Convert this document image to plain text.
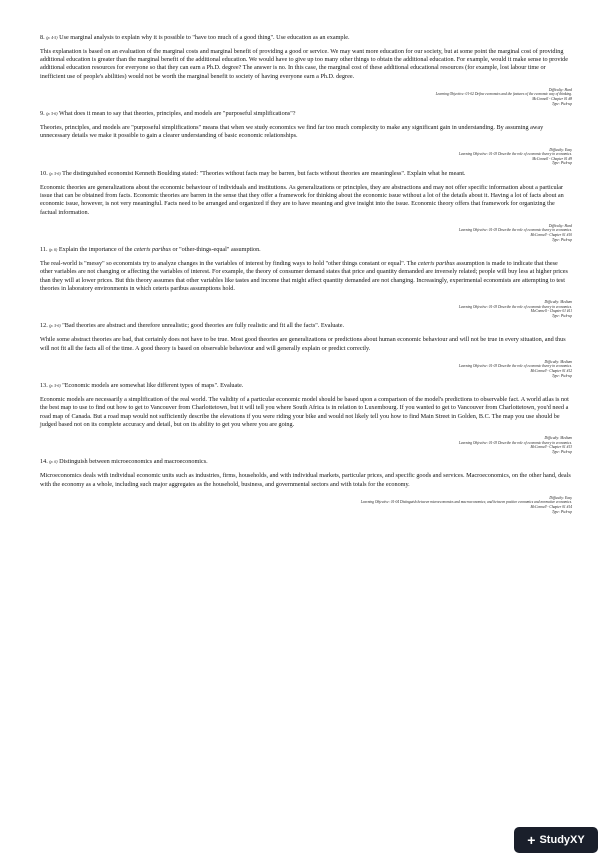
8. (p. 4-5) Use marginal analysis to explain why it is possible to "have too much of a good thing". Use education as an example.

This explanation is based on an evaluation of the marginal costs and marginal benefit of providing a good or service. We may want more education for our society, but at some point the marginal cost of providing additional education is greater than the marginal benefit of the additional education. We would have to give up too many other things to obtain the additional education. For example, would it make sense to provide additional education resources for everyone so that they can earn a Ph.D. degree? The answer is no. In this case, the marginal cost of these additional educational resources (for example, lost labour time or inefficient use of people's abilities) would not be worth the marginal benefit to society of having everyone earn a Ph.D. degree.

Difficulty: Hard
Learning Objective: 01-02 Define economics and the features of the economic way of thinking.
McConnell - Chapter 01 #8
Type: Pick-up

9. (p. 5-6) What does it mean to say that theories, principles, and models are "purposeful simplifications"?

Theories, principles, and models are "purposeful simplifications" means that when we study economics we find far too much complexity to make any significant gain in understanding. By assuming away unnecessary details we make it possible to gain a clearer understanding of basic economic relationships.

Difficulty: Easy
Learning Objective: 01-03 Describe the role of economic theory in economics.
McConnell - Chapter 01 #9
Type: Pick-up

10. (p. 5-6) The distinguished economist Kenneth Boulding stated: "Theories without facts may be barren, but facts without theories are meaningless". Explain what he meant.

Economic theories are generalizations about the economic behaviour of individuals and institutions. As generalizations or principles, they are abstractions and may not offer specific information about a particular issue that can be obtained from facts. Economic theories are barren in the sense that they offer a framework for thinking about the economic issue without a lot of the details about it. Having a lot of facts about an economic issue, however, is not very meaningful. Facts need to be arranged and organized if they are to have meaning and give insight into the issue. Economic theory offers that framework for organizing the factual information.

Difficulty: Hard
Learning Objective: 01-03 Describe the role of economic theory in economics.
McConnell - Chapter 01 #10
Type: Pick-up

11. (p. 6) Explain the importance of the ceteris paribus or "other-things-equal" assumption.

The real-world is "messy" so economists try to analyze changes in the variables of interest by finding ways to hold "other things constant or equal". The ceteris paribus assumption is made to indicate that these other variables are not changing or affecting the variables of interest. For example, the theory of consumer demand states that price and quantity demanded are inversely related; people will buy less at higher prices than they will at lower prices. But this theory assumes that other variables like tastes and income that might affect quantity demanded are not changing. Increasingly, experimental economists are attempting to test theories in laboratory environments in which ceteris paribus assumptions hold.

Difficulty: Medium
Learning Objective: 01-03 Describe the role of economic theory in economics.
McConnell - Chapter 01 #11
Type: Pick-up

12. (p. 5-6) "Bad theories are abstract and therefore unrealistic; good theories are fully realistic and fit all the facts". Evaluate.

While some abstract theories are bad, that certainly does not have to be true. Most good theories are generalizations or predictions about human economic behaviour and will not be true in every situation, and thus will not fit all the facts all of the time. A good theory is based on observable behaviour and will generally explain or predict correctly.

Difficulty: Medium
Learning Objective: 01-03 Describe the role of economic theory in economics.
McConnell - Chapter 01 #12
Type: Pick-up

13. (p. 5-6) "Economic models are somewhat like different types of maps". Evaluate.

Economic models are necessarily a simplification of the real world. The validity of a particular economic model should be based upon a comparison of the model's predictions to observable fact. A world atlas is not the best map to use to find out how to get to Vancouver from Charlottetown, but it will tell you where South Africa is in relation to Luxembourg. If you wanted to get to Vancouver from Charlottetown, you'd need a road map of Canada. But a road map would not sufficiently describe the elevations if you were riding your bike and would not likely tell you how to find Main Street in Golden, B.C. The map you use should be judged based not on its complete accuracy and detail, but on its ability to get you where you are going.

Difficulty: Medium
Learning Objective: 01-03 Describe the role of economic theory in economics.
McConnell - Chapter 01 #13
Type: Pick-up

14. (p. 6) Distinguish between microeconomics and macroeconomics.

Microeconomics deals with individual economic units such as industries, firms, households, and with individual markets, particular prices, and specific goods and services. Macroeconomics, on the other hand, deals with the economy as a whole, including such major aggregates as the household, business, and governmental sectors and with totals for the economy.

Difficulty: Easy
Learning Objective: 01-04 Distinguish between microeconomics and macroeconomics; and between positive economics and normative economics.
McConnell - Chapter 01 #14
Type: Pick-up
+ StudyXY
